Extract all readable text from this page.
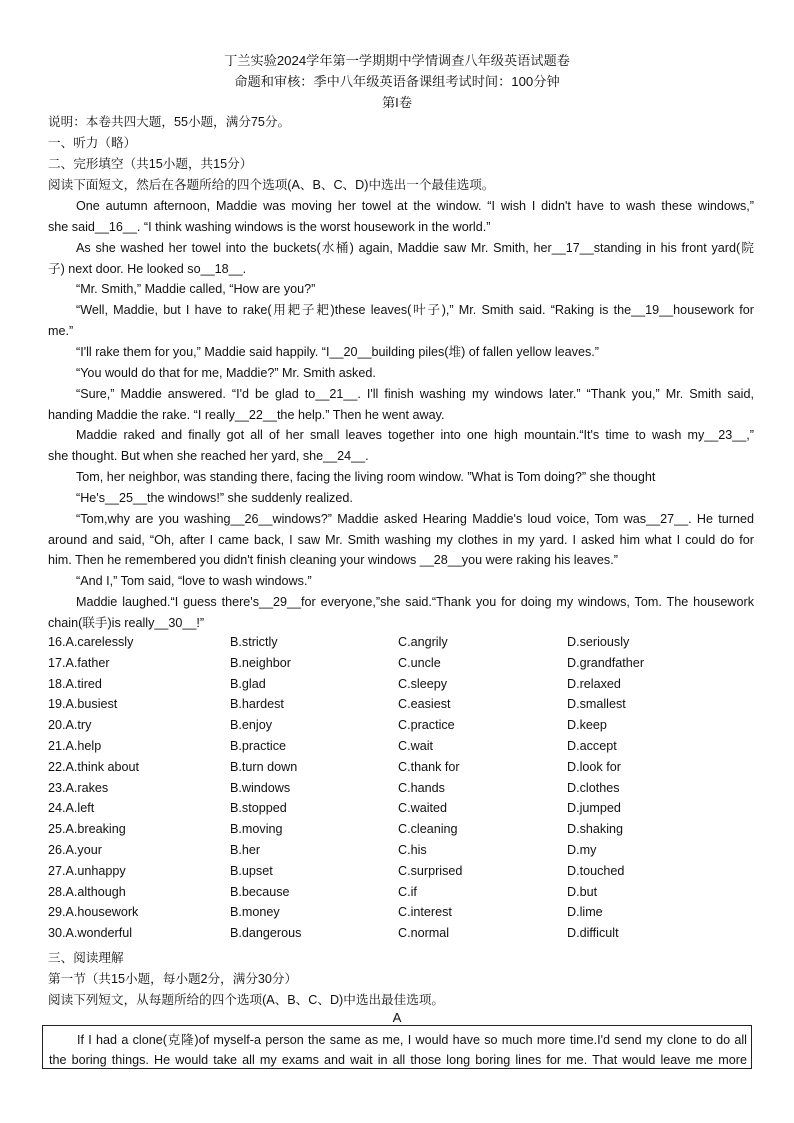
丁兰实验2024学年第一学期期中学情调查八年级英语试题卷
命题和审核：季中八年级英语备课组考试时间：100分钟
第I卷
说明：本卷共四大题，55小题，满分75分。
一、听力（略）
二、完形填空（共15小题，共15分）
阅读下面短文，然后在各题所给的四个选项(A、B、C、D)中选出一个最佳选项。
One autumn afternoon, Maddie was moving her towel at the window. “I wish I didn't have to wash these windows,”
she said__16__. “I think washing windows is the worst housework in the world.”
As she washed her towel into the buckets(水桶) again, Maddie saw Mr. Smith, her__17__standing in his front yard(院
子) next door. He looked so__18__.
“Mr. Smith,” Maddie called, “How are you?”
“Well, Maddie, but I have to rake(用耙子耙)these leaves(叶子),” Mr. Smith said. “Raking is the__19__housework for
me.”
“I'll rake them for you,” Maddie said happily. “I__20__building piles(堆) of fallen yellow leaves.”
“You would do that for me, Maddie?” Mr. Smith asked.
“Sure,” Maddie answered. “I'd be glad to__21__. I'll finish washing my windows later.” “Thank you,” Mr. Smith said,
handing Maddie the rake. “I really__22__the help.” Then he went away.
Maddie raked and finally got all of her small leaves together into one high mountain.“It's time to wash my__23__,”
she thought. But when she reached her yard, she__24__.
Tom, her neighbor, was standing there, facing the living room window. ”What is Tom doing?” she thought
“He's__25__the windows!” she suddenly realized.
“Tom,why are you washing__26__windows?” Maddie asked Hearing Maddie's loud voice, Tom was__27__. He turned
around and said, “Oh, after I came back, I saw Mr. Smith washing my clothes in my yard. I asked him what I could do for
him. Then he remembered you didn't finish cleaning your windows __28__you were raking his leaves.”
“And I,” Tom said, “love to wash windows.”
Maddie laughed.“I guess there's__29__for everyone,”she said.“Thank you for doing my windows, Tom. The housework
chain(联手)is really__30__!”
16.A.carelessly	B.strictly	C.angrily	D.seriously
17.A.father	B.neighbor	C.uncle	D.grandfather
18.A.tired	B.glad	C.sleepy	D.relaxed
19.A.busiest	B.hardest	C.easiest	D.smallest
20.A.try	B.enjoy	C.practice	D.keep
21.A.help	B.practice	C.wait	D.accept
22.A.think about	B.turn down	C.thank for	D.look for
23.A.rakes	B.windows	C.hands	D.clothes
24.A.left	B.stopped	C.waited	D.jumped
25.A.breaking	B.moving	C.cleaning	D.shaking
26.A.your	B.her	C.his	D.my
27.A.unhappy	B.upset	C.surprised	D.touched
28.A.although	B.because	C.if	D.but
29.A.housework	B.money	C.interest	D.lime
30.A.wonderful	B.dangerous	C.normal	D.difficult
三、阅读理解
第一节（共15小题，每小题2分，满分30分）
阅读下列短文，从每题所给的四个选项(A、B、C、D)中选出最佳选项。
A
If I had a clone(克隆)of myself-a person the same as me, I would have so much more time.I'd send my clone to do all
the boring things. He would take all my exams and wait in all those long boring lines for me. That would leave me more
